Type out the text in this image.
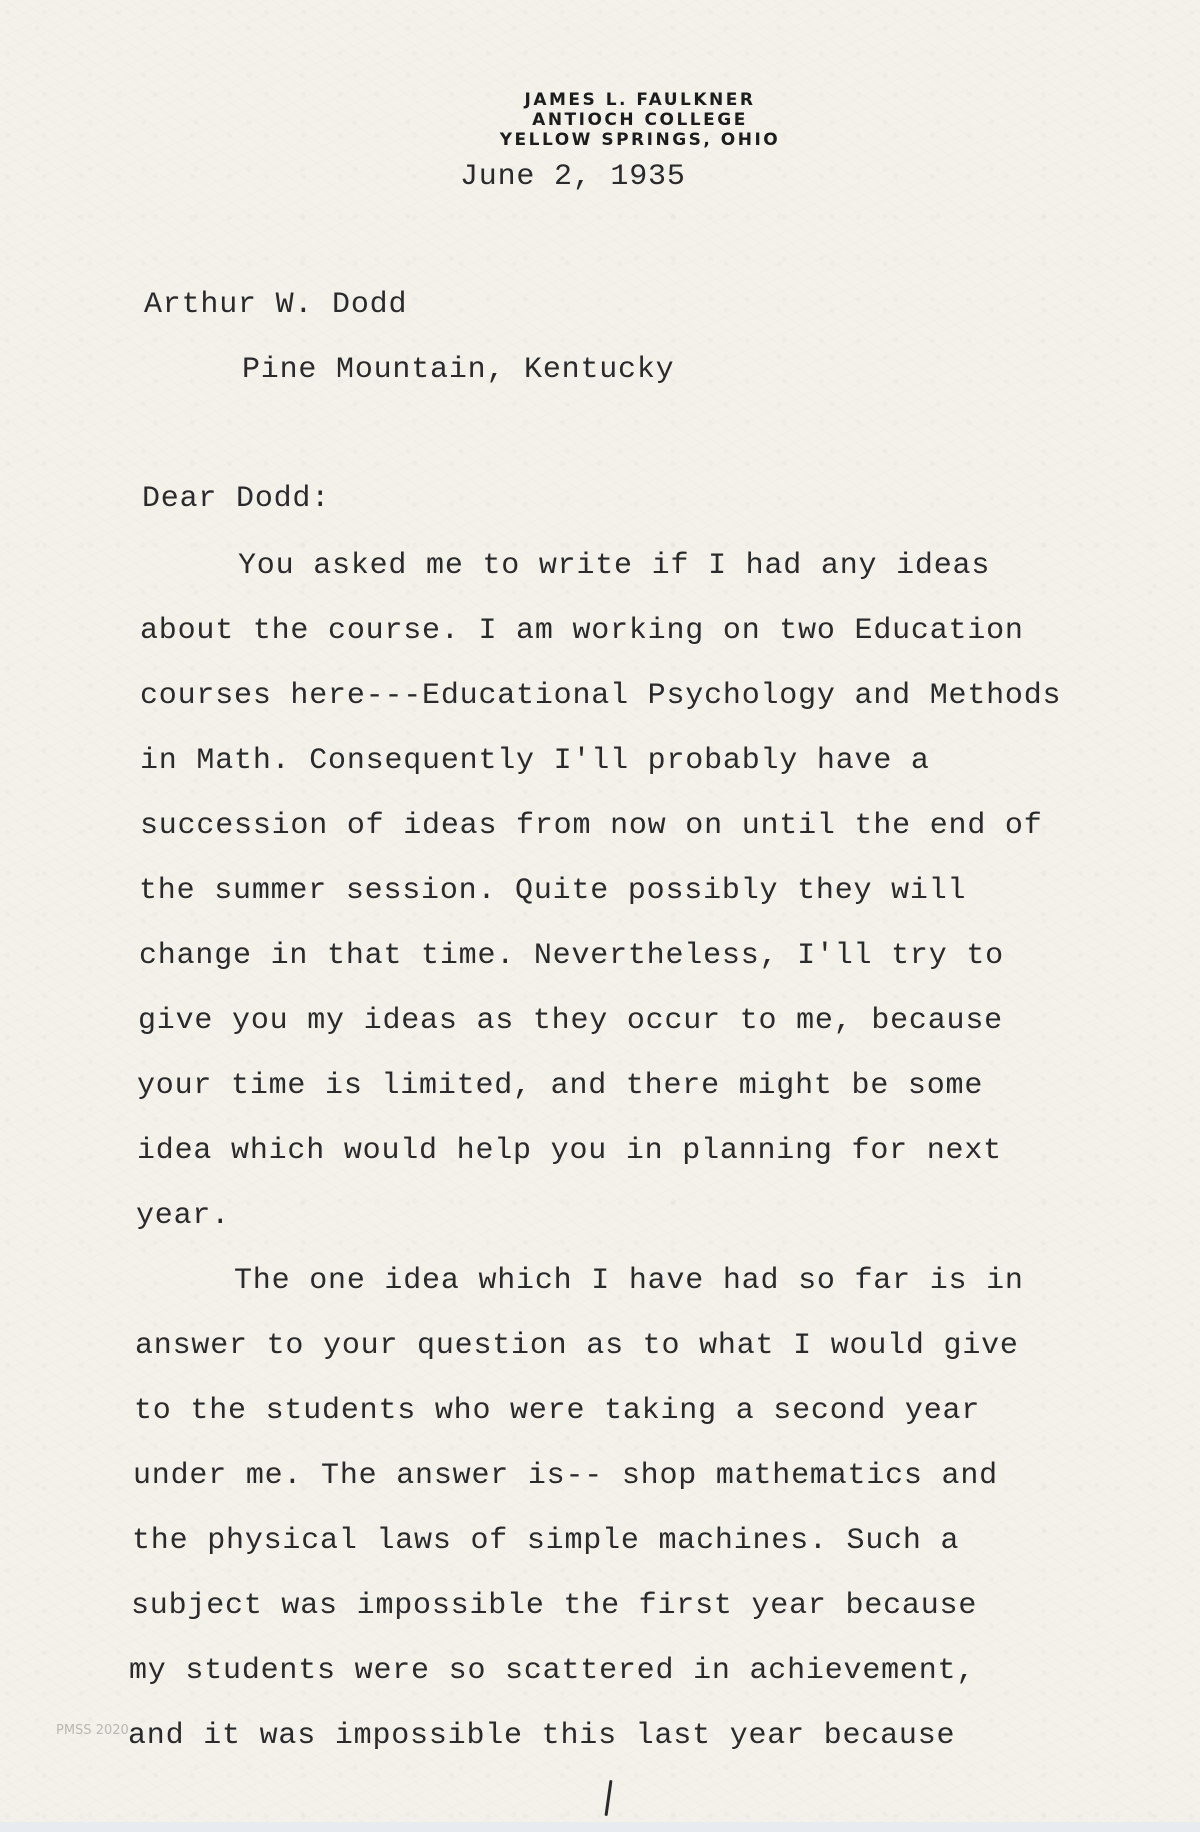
JAMES L. FAULKNER
ANTIOCH COLLEGE
YELLOW SPRINGS, OHIO
June 2, 1935
Arthur W. Dodd
Pine Mountain, Kentucky
Dear Dodd:
You asked me to write if I had any ideas
about the course. I am working on two Education
courses here---Educational Psychology and Methods
in Math. Consequently I'll probably have a
succession of ideas from now on until the end of
the summer session. Quite possibly they will
change in that time. Nevertheless, I'll try to
give you my ideas as they occur to me, because
your time is limited, and there might be some
idea which would help you in planning for next
year.
The one idea which I have had so far is in
answer to your question as to what I would give
to the students who were taking a second year
under me. The answer is-- shop mathematics and
the physical laws of simple machines. Such a
subject was impossible the first year because
my students were so scattered in achievement,
and it was impossible this last year because
PMSS 2020
